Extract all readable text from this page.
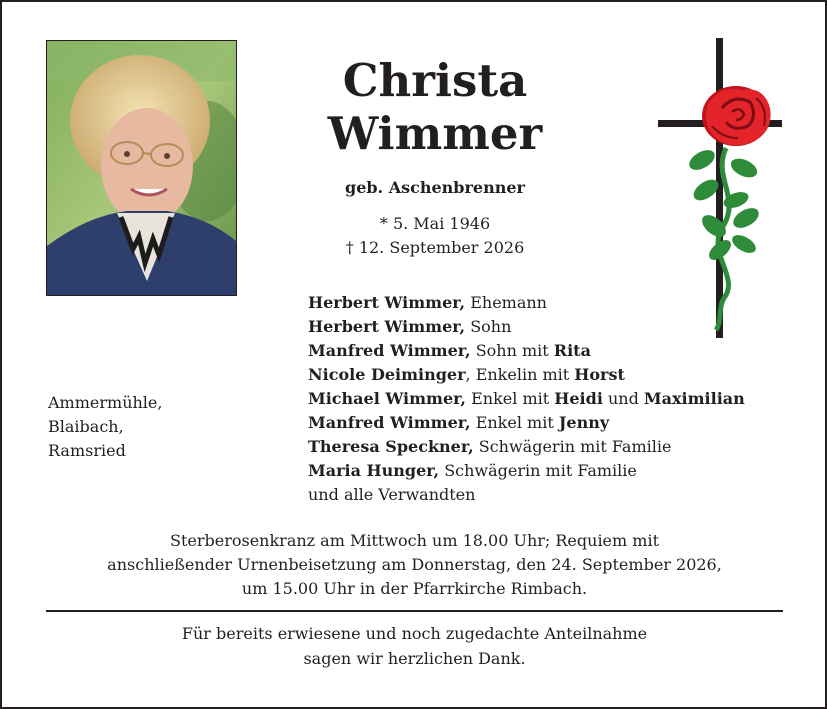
Christa
Wimmer
geb. Aschenbrenner
* 5. Mai 1946
† 12. September 2026
Ammermühle,
Blaibach,
Ramsried
Herbert Wimmer, Ehemann
Herbert Wimmer, Sohn
Manfred Wimmer, Sohn mit Rita
Nicole Deiminger, Enkelin mit Horst
Michael Wimmer, Enkel mit Heidi und Maximilian
Manfred Wimmer, Enkel mit Jenny
Theresa Speckner, Schwägerin mit Familie
Maria Hunger, Schwägerin mit Familie
und alle Verwandten
Sterberosenkranz am Mittwoch um 18.00 Uhr; Requiem mit
anschließender Urnenbeisetzung am Donnerstag, den 24. September 2026,
um 15.00 Uhr in der Pfarrkirche Rimbach.
Für bereits erwiesene und noch zugedachte Anteilnahme
sagen wir herzlichen Dank.
